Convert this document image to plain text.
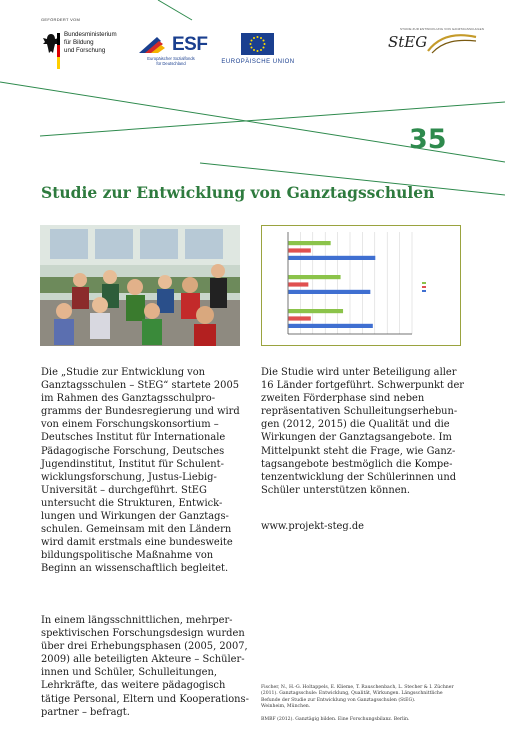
GEFÖRDERT VOM
Bundesministerium
für Bildung
und Forschung	ESF
Europäischer Sozialfonds
für Deutschland	EUROPÄISCHE UNION
STUDIE ZUR ENTWICKLUNG VON GANZTAGSSCHULEN
StEG
35
Studie zur Entwicklung von Ganztagsschulen
Die „Studie zur Entwicklung von
Ganztagsschulen – StEG“ startete 2005
im Rahmen des Ganztagsschulpro-
gramms der Bundesregierung und wird
von einem Forschungskonsortium –
Deutsches Institut für Internationale
Pädagogische Forschung, Deutsches
Jugendinstitut, Institut für Schulent-
wicklungsforschung, Justus-Liebig-
Universität – durchgeführt. StEG
untersucht die Strukturen, Entwick-
lungen und Wirkungen der Ganztags-
schulen. Gemeinsam mit den Ländern
wird damit erstmals eine bundesweite
bildungspolitische Maßnahme von
Beginn an wissenschaftlich begleitet.
In einem längsschnittlichen, mehrper-
spektivischen Forschungsdesign wurden
über drei Erhebungsphasen (2005, 2007,
2009) alle beteiligten Akteure – Schüler-
innen und Schüler, Schulleitungen,
Lehrkräfte, das weitere pädagogisch
tätige Personal, Eltern und Kooperations-
partner – befragt.
Die Studie wird unter Beteiligung aller
16 Länder fortgeführt. Schwerpunkt der
zweiten Förderphase sind neben
repräsentativen Schulleitungserhebun-
gen (2012, 2015) die Qualität und die
Wirkungen der Ganztagsangebote. Im
Mittelpunkt steht die Frage, wie Ganz-
tagsangebote bestmöglich die Kompe-
tenzentwicklung der Schülerinnen und
Schüler unterstützen können.
www.projekt-steg.de
Fischer, N., H.-G. Holtappels, E. Klieme, T. Rauschenbach, L. Stecher & I. Züchner
(2011). Ganztagsschule: Entwicklung, Qualität, Wirkungen. Längsschnittliche
Befunde der Studie zur Entwicklung von Ganztagsschulen (StEG).
Weinheim, München.
BMBF (2012). Ganztägig bilden. Eine Forschungsbilanz. Berlin.
